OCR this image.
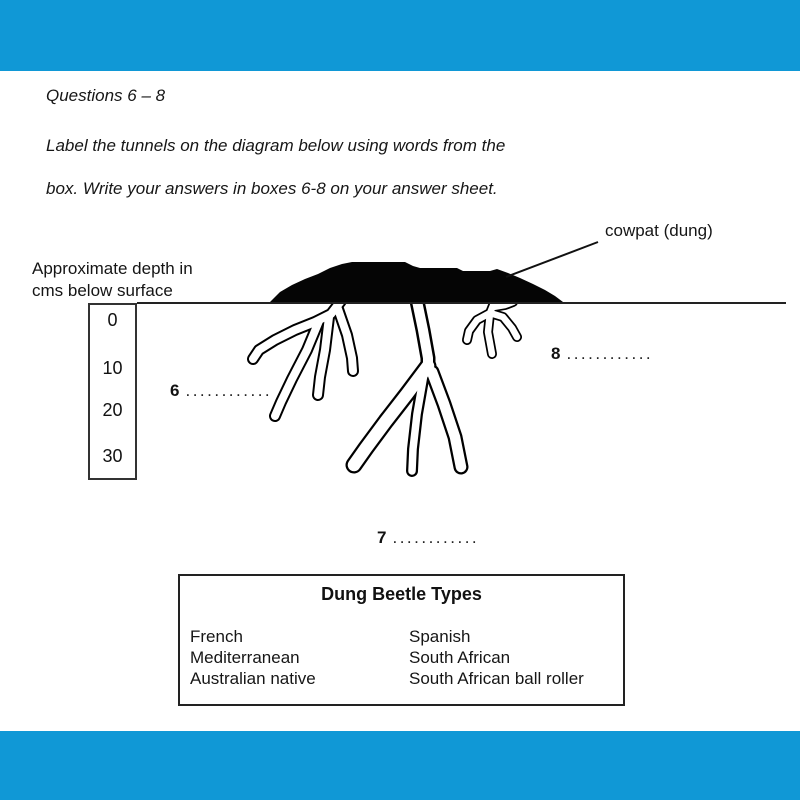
Questions 6 – 8
Label the tunnels on the diagram below using words from the
box. Write your answers in boxes 6-8 on your answer sheet.
cowpat (dung)
Approximate depth in
cms below surface
0
10
20
30
6 ............
7 ............
8 ............
Dung Beetle Types
French
Mediterranean
Australian native
Spanish
South African
South African ball roller
